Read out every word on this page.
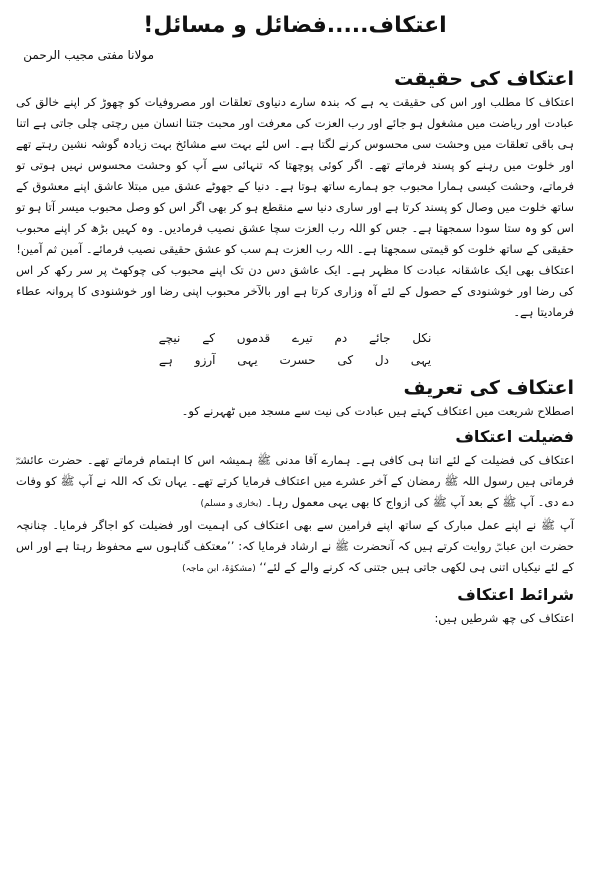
اعتکاف.....فضائل و مسائل!
مولانا مفتی مجیب الرحمن
اعتکاف کی حقیقت

اعتکاف کا مطلب اور اس کی حقیقت یہ ہے کہ بندہ سارے دنیاوی تعلقات اور مصروفیات کو چھوڑ کر اپنے خالق کی عبادت اور ریاضت میں مشغول ہو جائے اور رب العزت کی معرفت اور محبت جتنا انسان میں رچتی چلی جاتی ہے اتنا ہی باقی تعلقات میں وحشت سی محسوس کرنے لگتا ہے۔ اس لئے بہت سے مشائخ بہت زیادہ گوشہ نشین رہتے تھے اور خلوت میں رہنے کو پسند فرماتے تھے۔ اگر کوئی پوچھتا کہ تنہائی سے آپ کو وحشت محسوس نہیں ہوتی تو فرماتے، وحشت کیسی ہمارا محبوب جو ہمارے ساتھ ہوتا ہے۔ دنیا کے جھوٹے عشق میں مبتلا عاشق اپنے معشوق کے ساتھ خلوت میں وصال کو پسند کرتا ہے اور ساری دنیا سے منقطع ہو کر بھی اگر اس کو وصل محبوب میسر آتا ہو تو اس کو وہ ستا سودا سمجھتا ہے۔ جس کو اللہ رب العزت سچا عشق نصیب فرمادیں۔ وہ کہیں بڑھ کر اپنے محبوب حقیقی کے ساتھ خلوت کو قیمتی سمجھتا ہے۔ اللہ رب العزت ہم سب کو عشق حقیقی نصیب فرمائے۔ آمین ثم آمین!

اعتکاف بھی ایک عاشقانہ عبادت کا مظہر ہے۔ ایک عاشق دس دن تک اپنے محبوب کی چوکھٹ پر سر رکھ کر اس کی رضا اور خوشنودی کے حصول کے لئے آہ وزاری کرتا ہے اور بالآخر محبوب اپنی رضا اور خوشنودی کا پروانہ عطاء فرمادیتا ہے۔

نکل جائے دم تیرے قدموں کے نیچے
یہی دل کی حسرت یہی آرزو ہے
اعتکاف کی تعریف

اصطلاح شریعت میں اعتکاف کہتے ہیں عبادت کی نیت سے مسجد میں ٹھہرنے کو۔

فضیلت اعتکاف

اعتکاف کی فضیلت کے لئے اتنا ہی کافی ہے۔ ہمارے آقا مدنی ﷺ ہمیشہ اس کا اہتمام فرماتے تھے۔ حضرت عائشہؓ فرماتی ہیں رسول اللہ ﷺ رمضان کے آخر عشرے میں اعتکاف فرمایا کرتے تھے۔ یہاں تک کہ اللہ نے آپ ﷺ کو وفات دے دی۔ آپ ﷺ کے بعد آپ ﷺ کی ازواج کا بھی یہی معمول رہا۔ (بخاری و مسلم)

آپ ﷺ نے اپنے عمل مبارک کے ساتھ اپنے فرامین سے بھی اعتکاف کی اہمیت اور فضیلت کو اجاگر فرمایا۔ چنانچہ حضرت ابن عباسؓ روایت کرتے ہیں کہ آنحضرت ﷺ نے ارشاد فرمایا کہ: ’’معتکف گناہوں سے محفوظ رہتا ہے اور اس کے لئے نیکیاں اتنی ہی لکھی جاتی ہیں جتنی کہ کرنے والے کے لئے‘‘ (مشکوٰۃ، ابن ماجہ)

شرائط اعتکاف

اعتکاف کی چھ شرطیں ہیں:
